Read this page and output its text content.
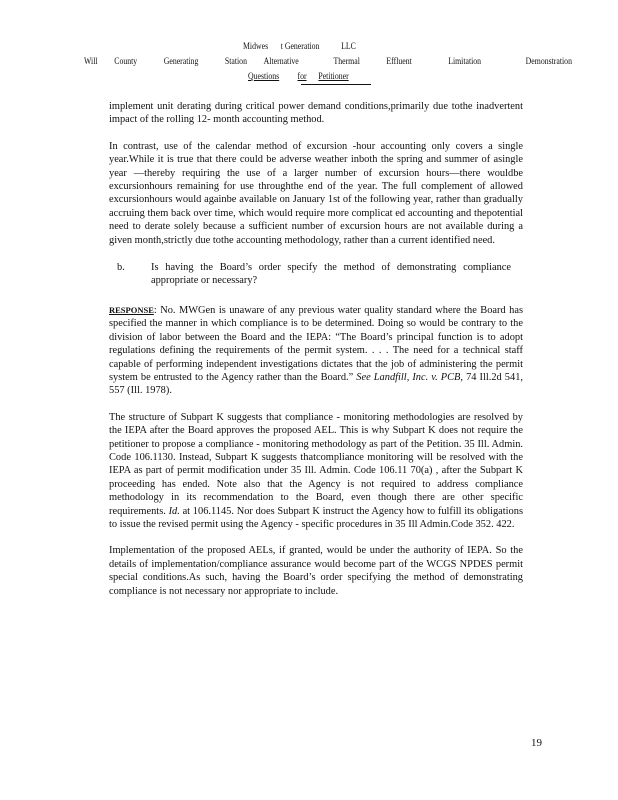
Midwes t Generation LLC
Will County	Generating	Station Alternative	Thermal	Effluent	Limitation	Demonstration
Questions for Petitioner

implement unit derating during critical power demand conditions,primarily due tothe inadvertent impact of the rolling 12- month accounting method.

In contrast, use of the calendar method of excursion -hour accounting only covers a single year.While it is true that there could be adverse weather inboth the spring and summer of asingle year —thereby requiring the use of a larger number of excursion hours—there wouldbe excursionhours remaining for use throughthe end of the year. The full complement of allowed excursionhours would againbe available on January 1st of the following year, rather than gradually accruing them back over time, which would require more complicat ed accounting and thepotential need to derate solely because a sufficient number of excursion hours are not available during a given month,strictly due tothe accounting methodology, rather than a current identified need.

b.	Is having the Board’s order specify the method of demonstrating compliance appropriate or necessary?

RESPONSE: No. MWGen is unaware of any previous water quality standard where the Board has specified the manner in which compliance is to be determined. Doing so would be contrary to the division of labor between the Board and the IEPA: “The Board’s principal function is to adopt regulations defining the requirements of the permit system. . . . The need for a technical staff capable of performing independent investigations dictates that the job of administering the permit system be entrusted to the Agency rather than the Board.” See Landfill, Inc. v. PCB, 74 Ill.2d 541, 557 (Ill. 1978).

The structure of Subpart K suggests that compliance - monitoring methodologies are resolved by the IEPA after the Board approves the proposed AEL. This is why Subpart K does not require the petitioner to propose a compliance - monitoring methodology as part of the Petition. 35 Ill. Admin. Code 106.1130. Instead, Subpart K suggests thatcompliance monitoring will be resolved with the IEPA as part of permit modification under 35 Ill. Admin. Code 106.11 70(a) , after the Subpart K proceeding has ended. Note also that the Agency is not required to address compliance methodology in its recommendation to the Board, even though there are other specific requirements. Id. at 106.1145. Nor does Subpart K instruct the Agency how to fulfill its obligations to issue the revised permit using the Agency - specific procedures in 35 Ill Admin.Code 352. 422.

Implementation of the proposed AELs, if granted, would be under the authority of IEPA. So the details of implementation/compliance assurance would become part of the WCGS NPDES permit special conditions.As such, having the Board’s order specifying the method of demonstrating compliance is not necessary nor appropriate to include.

19
